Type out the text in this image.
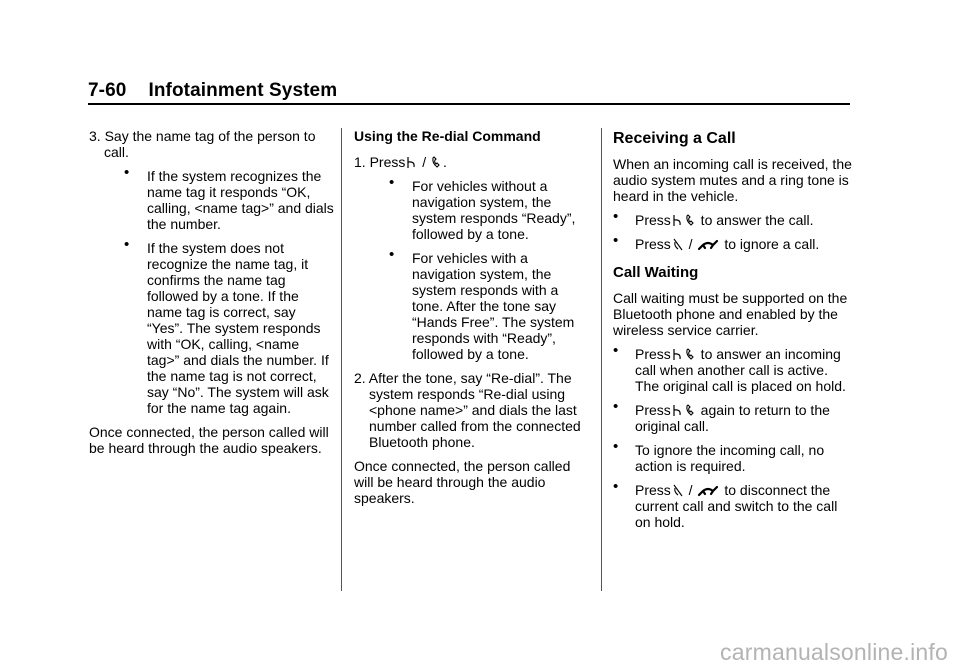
7-60 Infotainment System

3. Say the name tag of the person to call.

• If the system recognizes the name tag it responds “OK, calling, <name tag>” and dials the number.

• If the system does not recognize the name tag, it confirms the name tag followed by a tone. If the name tag is correct, say “Yes”. The system responds with “OK, calling, <name tag>” and dials the number. If the name tag is not correct, say “No”. The system will ask for the name tag again.

Once connected, the person called will be heard through the audio speakers.

Using the Re-dial Command

1. Press
/
.

• For vehicles without a navigation system, the system responds “Ready”, followed by a tone.

• For vehicles with a navigation system, the system responds with a tone. After the tone say “Hands Free”. The system responds with “Ready”, followed by a tone.

2. After the tone, say “Re-dial”. The system responds “Re-dial using <phone name>” and dials the last number called from the connected Bluetooth phone.

Once connected, the person called will be heard through the audio speakers.

Receiving a Call

When an incoming call is received, the audio system mutes and a ring tone is heard in the vehicle.

• Press
to answer the call.

• Press
/
to ignore a call.

Call Waiting

Call waiting must be supported on the Bluetooth phone and enabled by the wireless service carrier.

• Press
to answer an incoming call when another call is active. The original call is placed on hold.

• Press
again to return to the original call.

• To ignore the incoming call, no action is required.

• Press
/
to disconnect the current call and switch to the call on hold.

carmanualsonline.info
